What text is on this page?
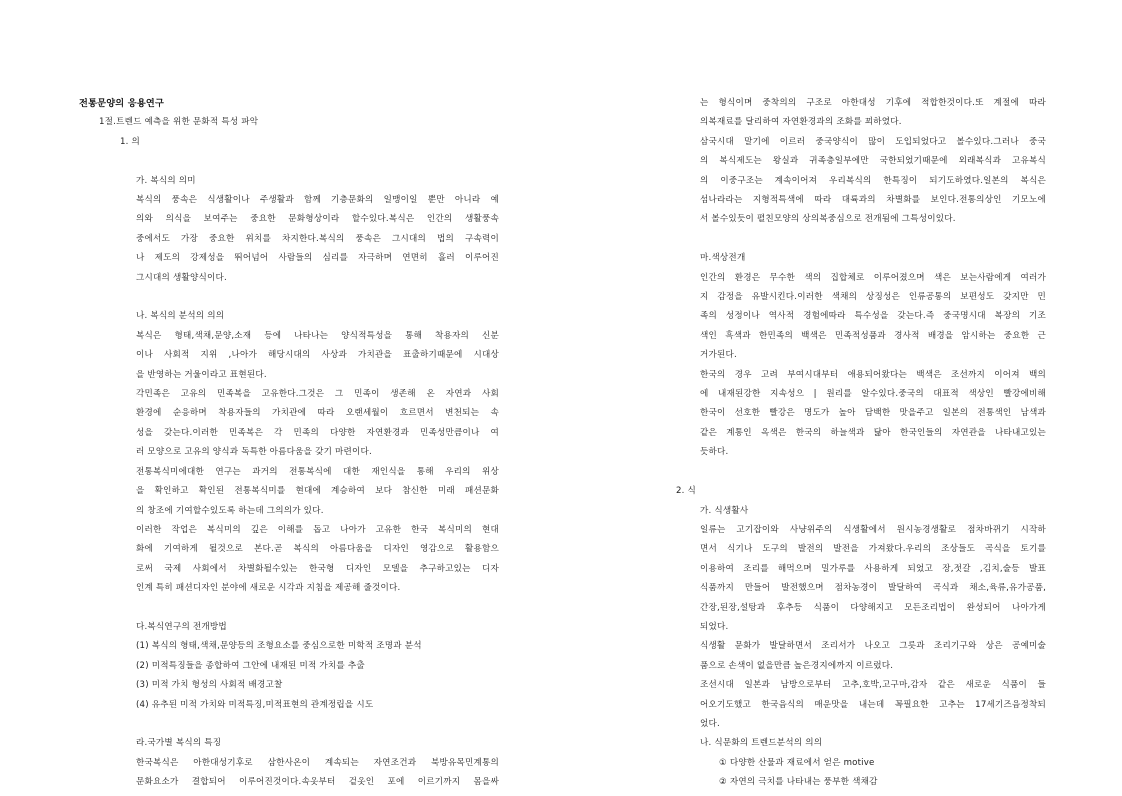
전통문양의 응용연구
1절.트렌드 예측을 위한 문화적 특성 파악
1. 의
가. 복식의 의미
복식의 풍속은 식생활이나 주생활과 함께 기층문화의 일맹이일 뿐만 아니라 예
의와 의식을 보여주는 중요한 문화형상이라 할수있다.복식은 인간의 생활풍속
중에서도 가장 중요한 위치를 차지한다.복식의 풍속은 그시대의 법의 구속력이
나 제도의 강제성을 뛰어넘어 사람들의 심리를 자극하며 연면히 흘러 이루어진
그시대의 생활양식이다.
나. 복식의 분석의 의의
복식은 형태,색채,문양,소재 등에 나타나는 양식적특성을 통해 착용자의 신분
이나 사회적 지위 ,나아가 해당시대의 사상과 가치관을 표출하기때문에 시대상
을 반영하는 거울이라고 표현된다.
각민족은 고유의 민족복을 고유한다.그것은 그 민족이 생존해 온 자연과 사회
환경에 순응하며 착용자들의 가치관에 따라 오랜세월이 흐르면서 변천되는 속
성을 갖는다.이러한 민족복은 각 민족의 다양한 자연환경과 민족성만큼이나 여
러 모양으로 고유의 양식과 독특한 아름다움을 갖기 마련이다.
전통복식미에대한 연구는 과거의 전통복식에 대한 재인식을 통해 우리의 위상
을 확인하고 확인된 전통복식미를 현대에 계승하여 보다 참신한 미래 패션문화
의 창조에 기여할수있도록 하는데 그의의가 있다.
이러한 작업은 복식미의 깊은 이해를 돕고 나아가 고유한 한국 복식미의 현대
화에 기여하게 될것으로 본다.곧 복식의 아름다움을 디자인 영감으로 활용함으
로써 국제 사회에서 차별화될수있는 한국형 디자인 모델을 추구하고있는 디자
인계 특히 패션디자인 분야에 새로운 시각과 지침을 제공해 줄것이다.
다.복식연구의 전개방법
(1) 복식의 형태,색채,문양등의 조형요소를 중심으로한 미학적 조명과 분석
(2) 미적특징들을 종합하여 그안에 내재된 미적 가치를 추출
(3) 미적 가치 형성의 사회적 배경고찰
(4) 유추된 미적 가치와 미적특징,미적표현의 관계정립을 시도
라.국가별 복식의 특징
한국복식은 아한대성기후로 삼한사온이 계속되는 자연조건과 북방유목민계통의
문화요소가 결합되어 이루어진것이다.속옷부터 겉옷인 포에 이르기까지 몸을싸
는 형식이며 중착의의 구조로 아한대성 기후에 적합한것이다.또 계절에 따라
의복재료를 달리하여 자연환경과의 조화를 꾀하였다.
삼국시대 말기에 이르러 중국양식이 많이 도입되었다고 볼수있다.그러나 중국
의 복식제도는 왕실과 귀족층일부에만 국한되었기때문에 외래복식과 고유복식
의 이중구조는 계속이어져 우리복식의 한특징이 되기도하였다.일본의 복식은
섬나라라는 지형적특색에 따라 대륙과의 차별화를 보인다.전통의상인 기모노에
서 볼수있듯이 펼친모양의 상의복중심으로 전개됨에 그특성이있다.
마.색상전개
인간의 환경은 무수한 색의 집합체로 이루어졌으며 색은 보는사람에게 여러가
지 감정을 유발시킨다.이러한 색채의 상징성은 인류공통의 보편성도 갖지만 민
족의 성정이나 역사적 경험에따라 특수성을 갖는다.즉 중국명시대 복장의 기조
색인 흑색과 한민족의 백색은 민족적성품과 경사적 배경을 암시하는 중요한 근
거가된다.
한국의 경우 고려 부여시대부터 애용되어왔다는 백색은 조선까지 이어져 백의
에 내재된강한 지속성으 | 원리를 알수있다.중국의 대표적 색상인 빨강에비해
한국이 선호한 빨강은 명도가 높아 담백한 맛을주고 일본의 전통색인 남색과
같은 계통인 옥색은 한국의 하늘색과 닮아 한국인들의 자연관을 나타내고있는
듯하다.
2. 식
가. 식생활사
일류는 고기잡이와 사냥위주의 식생활에서 원시농경생활로 점차바뀌기 시작하
면서 식기나 도구의 발전의 발전을 가져왔다.우리의 조상들도 곡식을 토기를
이용하여 조리를 해먹으며 밀가루를 사용하게 되었고 장,젓갈 ,김치,술등 발표
식품까지 만들어 발전했으며 점차농경이 발달하여 곡식과 채소,육류,유가공품,
간장,된장,설탕과 후추등 식품이 다양해지고 모든조리법이 완성되어 나아가게
되었다.
식생활 문화가 발달하면서 조리서가 나오고 그릇과 조리기구와 상은 공예미술
품으로 손색이 없을만큼 높은경지에까지 이르렀다.
조선시대 일본과 남방으로부터 고추,호박,고구마,감자 같은 새로운 식품이 들
어오기도했고 한국음식의 매운맛을 내는데 꼭필요한 고추는 17세기즈음정착되
었다.
나. 식문화의 트렌드분석의 의의
① 다양한 산물과 재료에서 얻은 motive
② 자연의 극치를 나타내는 풍부한 색채감
